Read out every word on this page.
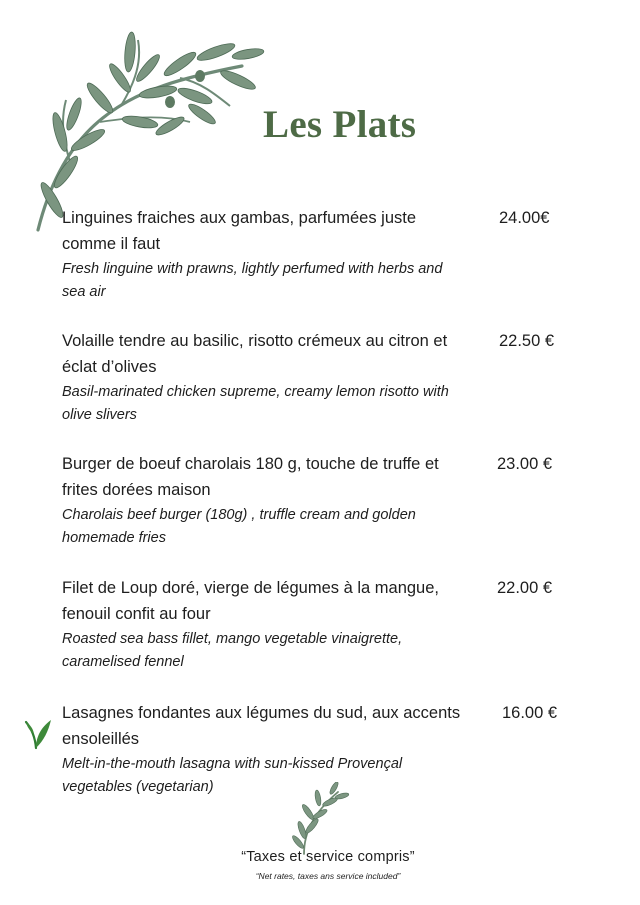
Les Plats
Linguines fraiches aux gambas, parfumées juste comme il faut
Fresh linguine with prawns, lightly perfumed with herbs and sea air
24.00€
Volaille tendre au basilic, risotto crémeux au citron et éclat d’olives
Basil-marinated chicken supreme, creamy lemon risotto with olive slivers
22.50 €
Burger de boeuf charolais 180 g, touche de truffe et frites dorées maison
Charolais beef burger (180g) , truffle cream and golden homemade fries
23.00 €
Filet de Loup doré, vierge de légumes à la mangue, fenouil confit au four
Roasted sea bass fillet, mango vegetable vinaigrette, caramelised fennel
22.00 €
Lasagnes fondantes aux légumes du sud, aux accents ensoleillés
Melt-in-the-mouth lasagna with sun-kissed Provençal vegetables (vegetarian)
16.00 €
“Taxes et service compris”
“Net rates, taxes ans service included”
